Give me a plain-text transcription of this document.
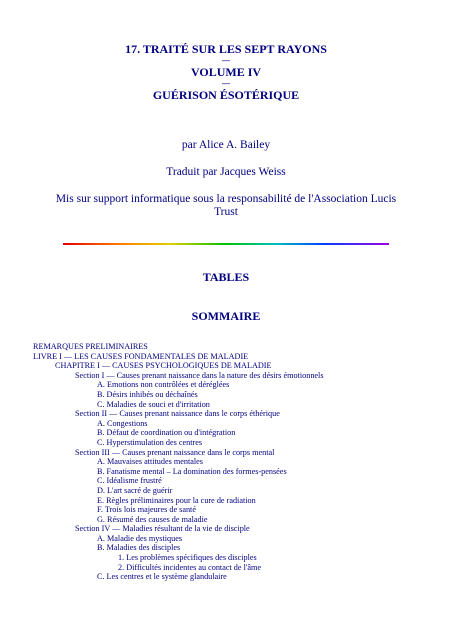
17. TRAITÉ SUR LES SEPT RAYONS

—

VOLUME IV

—

GUÉRISON ÉSOTÉRIQUE

par Alice A. Bailey
Traduit par Jacques Weiss
Mis sur support informatique sous la responsabilité de l'Association Lucis
Trust
TABLES
SOMMAIRE
REMARQUES PRELIMINAIRES
LIVRE I — LES CAUSES FONDAMENTALES DE MALADIE
CHAPITRE I — CAUSES PSYCHOLOGIQUES DE MALADIE
Section I — Causes prenant naissance dans la nature des désirs émotionnels
A. Emotions non contrôlées et déréglées
B. Désirs inhibés ou déchaînés
C. Maladies de souci et d'irritation
Section II — Causes prenant naissance dans le corps éthérique
A. Congestions
B. Défaut de coordination ou d'intégration
C. Hyperstimulation des centres
Section III — Causes prenant naissance dans le corps mental
A. Mauvaises attitudes mentales
B. Fanatisme mental – La domination des formes-pensées
C. Idéalisme frustré
D. L'art sacré de guérir
E. Règles préliminaires pour la cure de radiation
F. Trois lois majeures de santé
G. Résumé des causes de maladie
Section IV — Maladies résultant de la vie de disciple
A. Maladie des mystiques
B. Maladies des disciples
1. Les problèmes spécifiques des disciples
2. Difficultés incidentes au contact de l'âme
C. Les centres et le système glandulaire
